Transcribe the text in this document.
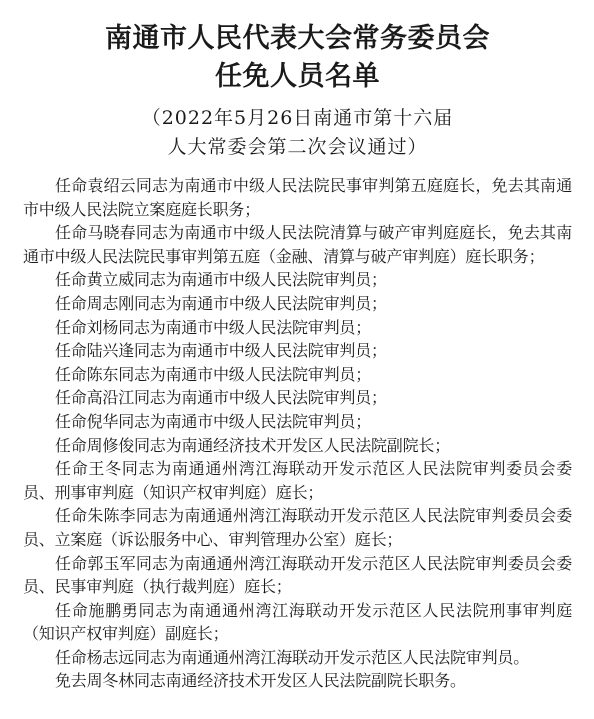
南通市人民代表大会常务委员会
任免人员名单
（2022年5月26日南通市第十六届
人大常委会第二次会议通过）

任命袁绍云同志为南通市中级人民法院民事审判第五庭庭长，免去其南通市中级人民法院立案庭庭长职务；

任命马晓春同志为南通市中级人民法院清算与破产审判庭庭长，免去其南通市中级人民法院民事审判第五庭（金融、清算与破产审判庭）庭长职务；

任命黄立威同志为南通市中级人民法院审判员；

任命周志刚同志为南通市中级人民法院审判员；

任命刘杨同志为南通市中级人民法院审判员；

任命陆兴逢同志为南通市中级人民法院审判员；

任命陈东同志为南通市中级人民法院审判员；

任命高沿江同志为南通市中级人民法院审判员；

任命倪华同志为南通市中级人民法院审判员；

任命周修俊同志为南通经济技术开发区人民法院副院长；

任命王冬同志为南通通州湾江海联动开发示范区人民法院审判委员会委员、刑事审判庭（知识产权审判庭）庭长；

任命朱陈李同志为南通通州湾江海联动开发示范区人民法院审判委员会委员、立案庭（诉讼服务中心、审判管理办公室）庭长；

任命郭玉军同志为南通通州湾江海联动开发示范区人民法院审判委员会委员、民事审判庭（执行裁判庭）庭长；

任命施鹏勇同志为南通通州湾江海联动开发示范区人民法院刑事审判庭（知识产权审判庭）副庭长；

任命杨志远同志为南通通州湾江海联动开发示范区人民法院审判员。

免去周冬林同志南通经济技术开发区人民法院副院长职务。
